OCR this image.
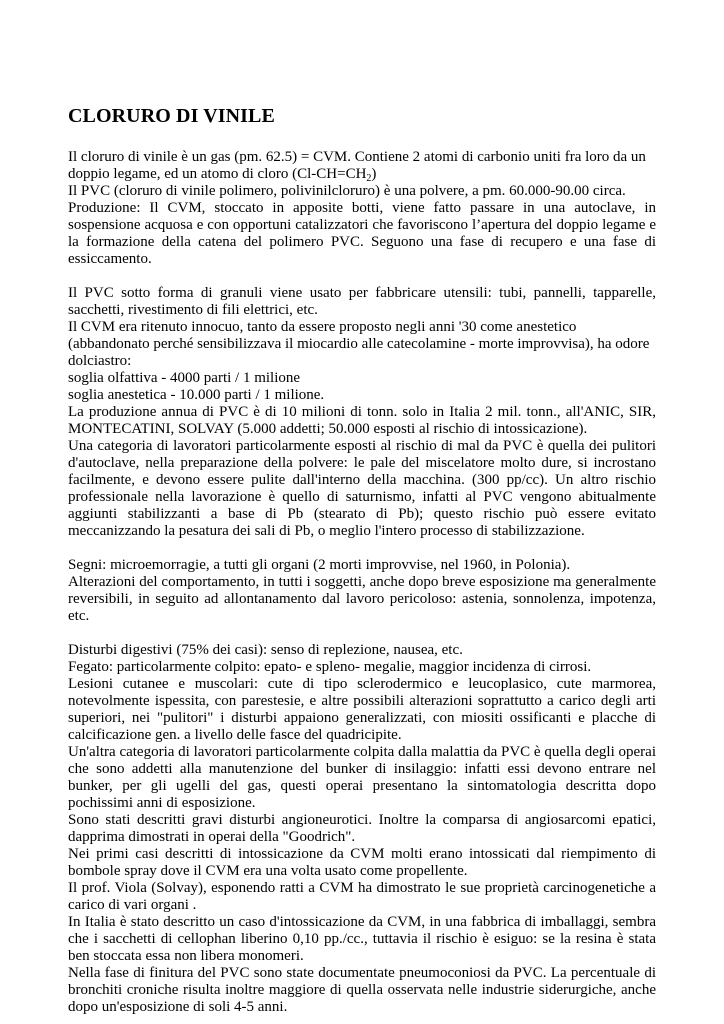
CLORURO DI VINILE

Il cloruro di vinile è un gas (pm. 62.5) = CVM. Contiene 2 atomi di carbonio uniti fra loro da un doppio legame, ed un atomo di cloro $(Cl-CH=CH_2)$

Il PVC (cloruro di vinile polimero, polivinilcloruro) è una polvere, a pm. 60.000-90.00 circa.

Produzione: Il CVM, stoccato in apposite botti, viene fatto passare in una autoclave, in sospensione acquosa e con opportuni catalizzatori che favoriscono l’apertura del doppio legame e la formazione della catena del polimero PVC. Seguono una fase di recupero e una fase di essiccamento.

Il PVC sotto forma di granuli viene usato per fabbricare utensili: tubi, pannelli, tapparelle, sacchetti, rivestimento di fili elettrici, etc.

Il CVM era ritenuto innocuo, tanto da essere proposto negli anni '30 come anestetico (abbandonato perché sensibilizzava il miocardio alle catecolamine - morte improvvisa), ha odore dolciastro:

soglia olfattiva - 4000 parti / 1 milione

soglia anestetica - 10.000 parti / 1 milione.

La produzione annua di PVC è di 10 milioni di tonn. solo in Italia 2 mil. tonn., all'ANIC, SIR, MONTECATINI, SOLVAY (5.000 addetti; 50.000 esposti al rischio di intossicazione).

Una categoria di lavoratori particolarmente esposti al rischio di mal da PVC è quella dei pulitori d'autoclave, nella preparazione della polvere: le pale del miscelatore molto dure, si incrostano facilmente, e devono essere pulite dall'interno della macchina. (300 pp/cc). Un altro rischio professionale nella lavorazione è quello di saturnismo, infatti al PVC vengono abitualmente aggiunti stabilizzanti a base di Pb (stearato di Pb); questo rischio può essere evitato meccanizzando la pesatura dei sali di Pb, o meglio l'intero processo di stabilizzazione.

Segni: microemorragie, a tutti gli organi (2 morti improvvise, nel 1960, in Polonia).

Alterazioni del comportamento, in tutti i soggetti, anche dopo breve esposizione ma generalmente reversibili, in seguito ad allontanamento dal lavoro pericoloso: astenia, sonnolenza, impotenza, etc.

Disturbi digestivi (75% dei casi): senso di replezione, nausea, etc.

Fegato: particolarmente colpito: epato- e spleno- megalie, maggior incidenza di cirrosi.

Lesioni cutanee e muscolari: cute di tipo sclerodermico e leucoplasico, cute marmorea, notevolmente ispessita, con parestesie, e altre possibili alterazioni soprattutto a carico degli arti superiori, nei "pulitori" i disturbi appaiono generalizzati, con miositi ossificanti e placche di calcificazione gen. a livello delle fasce del quadricipite.

Un'altra categoria di lavoratori particolarmente colpita dalla malattia da PVC è quella degli operai che sono addetti alla manutenzione del bunker di insilaggio: infatti essi devono entrare nel bunker, per gli ugelli del gas, questi operai presentano la sintomatologia descritta dopo pochissimi anni di esposizione.

Sono stati descritti gravi disturbi angioneurotici. Inoltre la comparsa di angiosarcomi epatici, dapprima dimostrati in operai della "Goodrich".

Nei primi casi descritti di intossicazione da CVM molti erano intossicati dal riempimento di bombole spray dove il CVM era una volta usato come propellente.

Il prof. Viola (Solvay), esponendo ratti a CVM ha dimostrato le sue proprietà carcinogenetiche a carico di vari organi .

In Italia è stato descritto un caso d'intossicazione da CVM, in una fabbrica di imballaggi, sembra che i sacchetti di cellophan liberino 0,10 pp./cc., tuttavia il rischio è esiguo: se la resina è stata ben stoccata essa non libera monomeri.

Nella fase di finitura del PVC sono state documentate pneumoconiosi da PVC. La percentuale di bronchiti croniche risulta inoltre maggiore di quella osservata nelle industrie siderurgiche, anche dopo un'esposizione di soli 4-5 anni.
